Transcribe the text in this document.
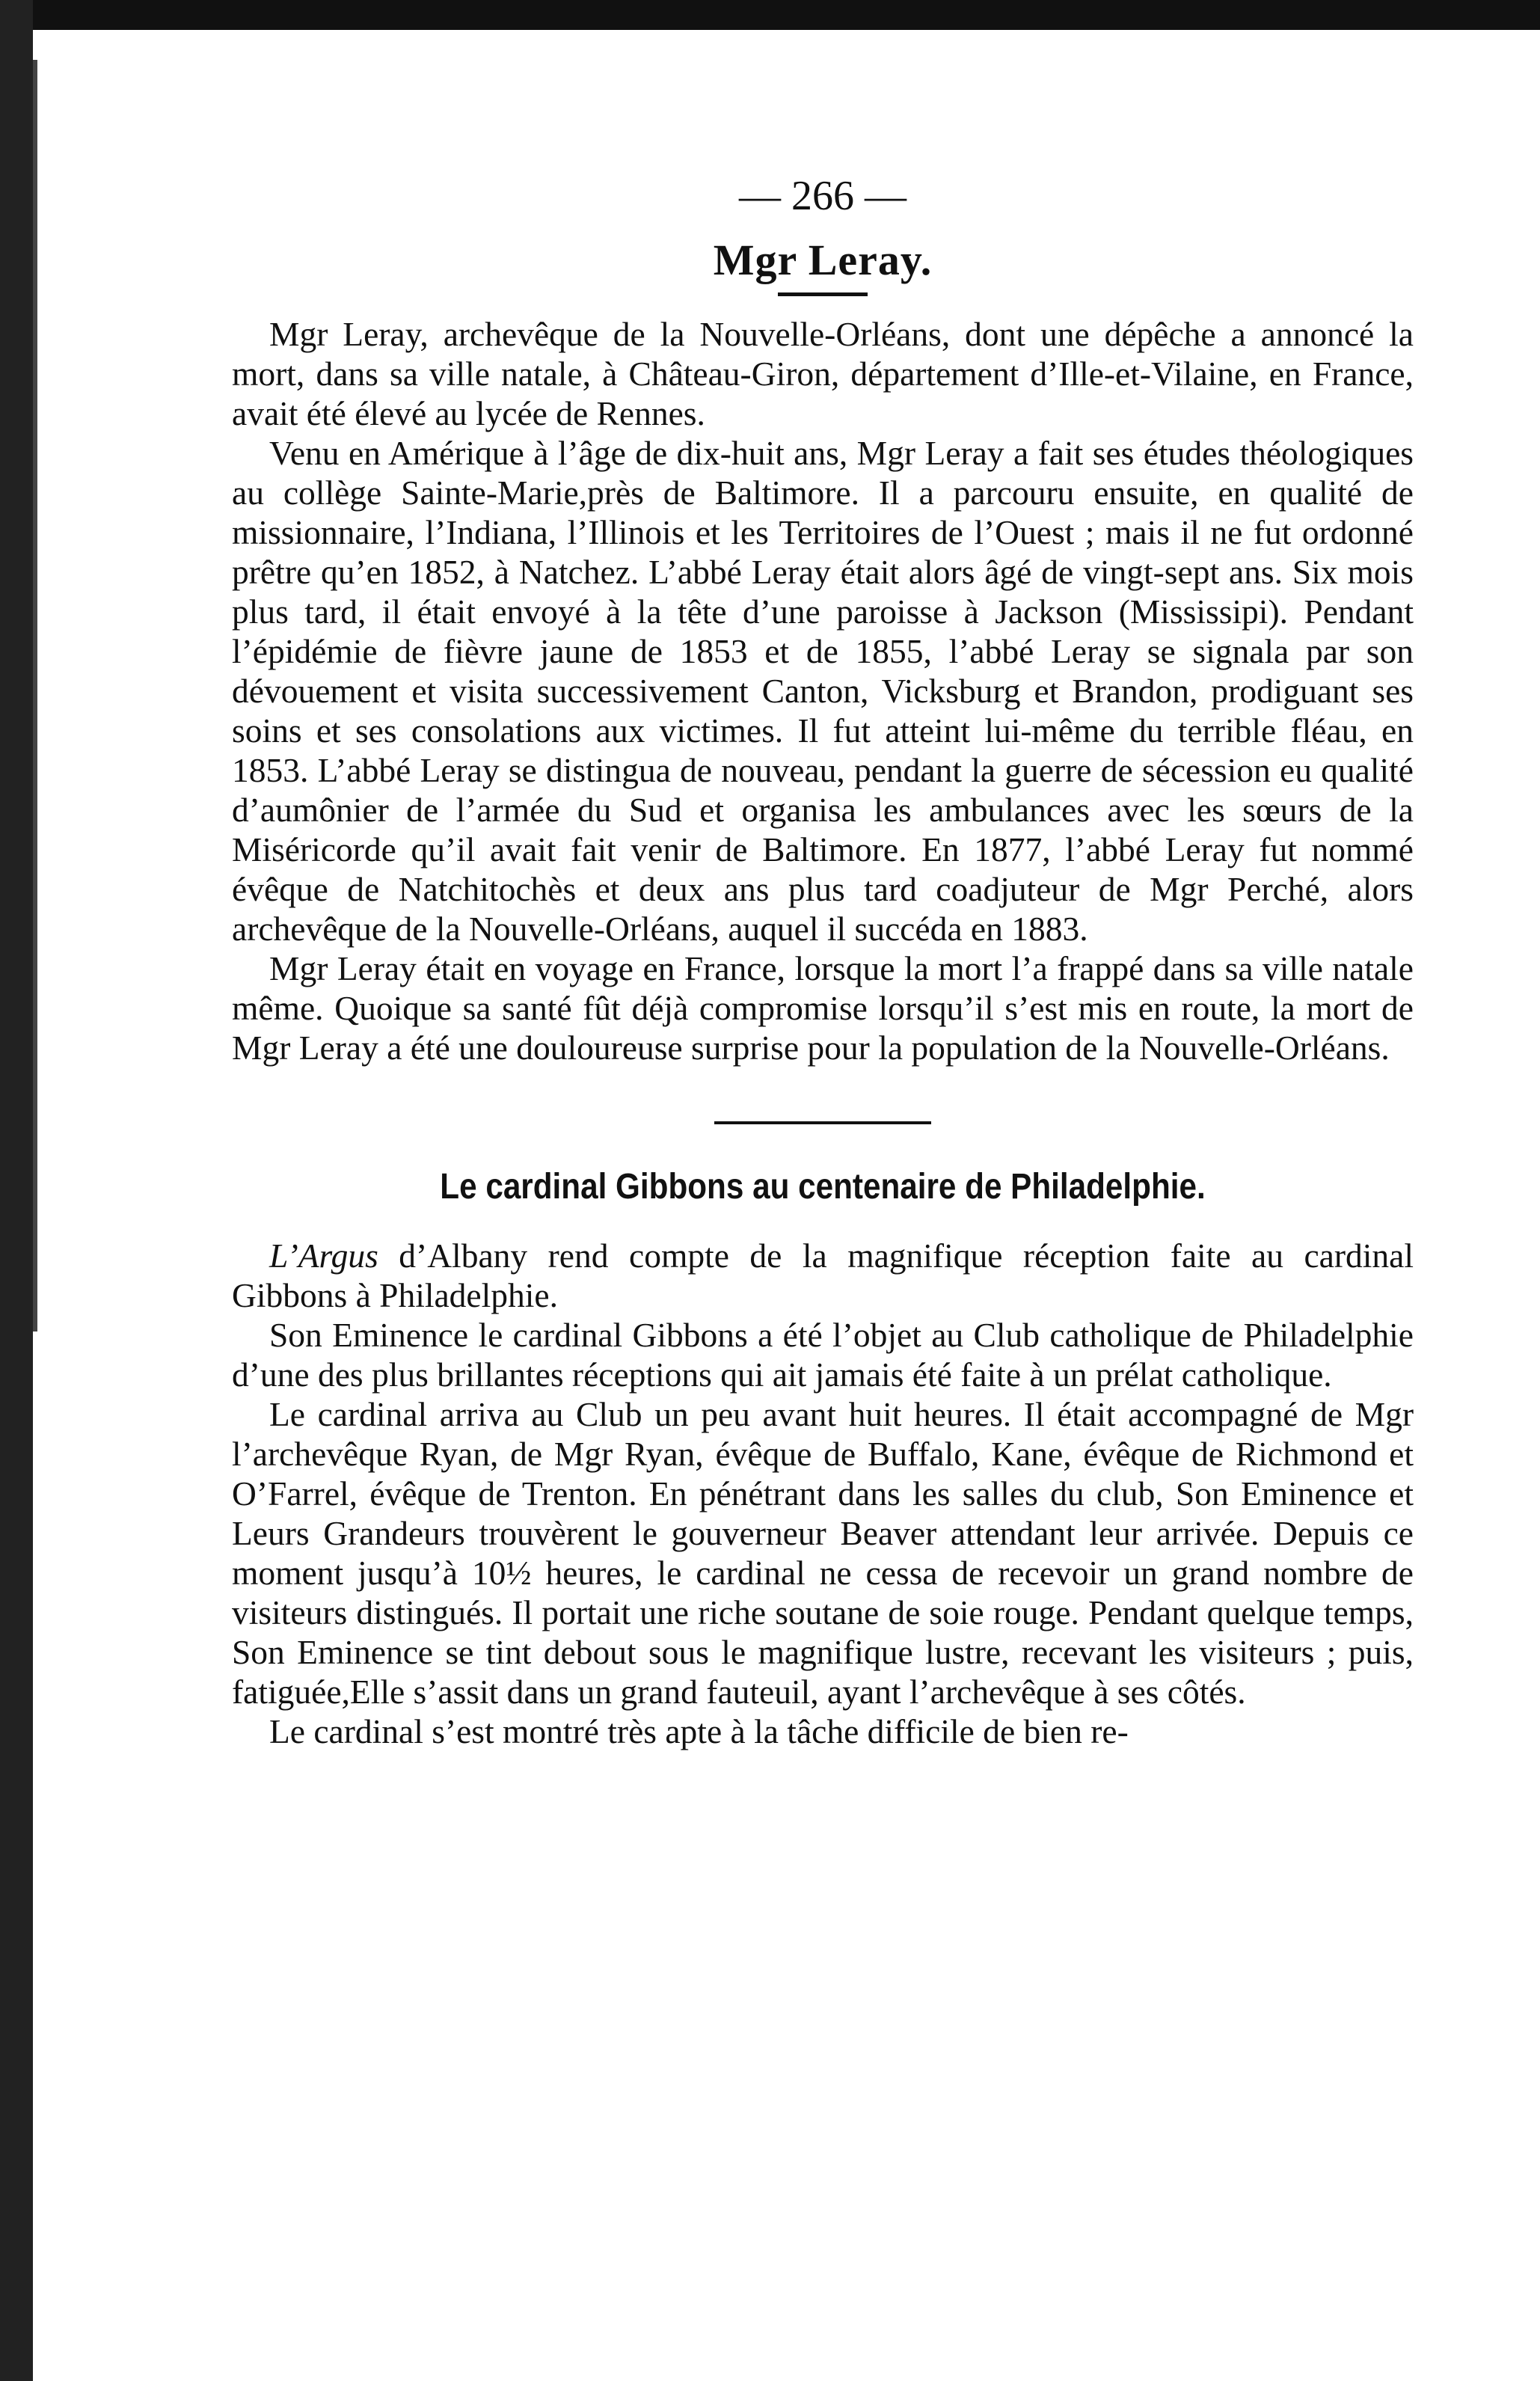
— 266 —
Mgr Leray.

Mgr Leray, archevêque de la Nouvelle-Orléans, dont une dépêche a annoncé la mort, dans sa ville natale, à Château-Giron, département d’Ille-et-Vilaine, en France, avait été élevé au lycée de Rennes.

Venu en Amérique à l’âge de dix-huit ans, Mgr Leray a fait ses études théologiques au collège Sainte-Marie,près de Baltimore. Il a parcouru ensuite, en qualité de missionnaire, l’Indiana, l’Illinois et les Territoires de l’Ouest ; mais il ne fut ordonné prêtre qu’en 1852, à Natchez. L’abbé Leray était alors âgé de vingt-sept ans. Six mois plus tard, il était envoyé à la tête d’une paroisse à Jackson (Mississipi). Pendant l’épidémie de fièvre jaune de 1853 et de 1855, l’abbé Leray se signala par son dévouement et visita successivement Canton, Vicksburg et Brandon, prodiguant ses soins et ses consolations aux victimes. Il fut atteint lui-même du terrible fléau, en 1853. L’abbé Leray se distingua de nouveau, pendant la guerre de sécession eu qualité d’aumônier de l’armée du Sud et organisa les ambulances avec les sœurs de la Miséricorde qu’il avait fait venir de Baltimore. En 1877, l’abbé Leray fut nommé évêque de Natchitochès et deux ans plus tard coadjuteur de Mgr Perché, alors archevêque de la Nouvelle-Orléans, auquel il succéda en 1883.

Mgr Leray était en voyage en France, lorsque la mort l’a frappé dans sa ville natale même. Quoique sa santé fût déjà compromise lorsqu’il s’est mis en route, la mort de Mgr Leray a été une douloureuse surprise pour la population de la Nouvelle-Orléans.

Le cardinal Gibbons au centenaire de Philadelphie.

L’Argus d’Albany rend compte de la magnifique réception faite au cardinal Gibbons à Philadelphie.

Son Eminence le cardinal Gibbons a été l’objet au Club catholique de Philadelphie d’une des plus brillantes réceptions qui ait jamais été faite à un prélat catholique.

Le cardinal arriva au Club un peu avant huit heures. Il était accompagné de Mgr l’archevêque Ryan, de Mgr Ryan, évêque de Buffalo, Kane, évêque de Richmond et O’Farrel, évêque de Trenton. En pénétrant dans les salles du club, Son Eminence et Leurs Grandeurs trouvèrent le gouverneur Beaver attendant leur arrivée. Depuis ce moment jusqu’à 10½ heures, le cardinal ne cessa de recevoir un grand nombre de visiteurs distingués. Il portait une riche soutane de soie rouge. Pendant quelque temps, Son Eminence se tint debout sous le magnifique lustre, recevant les visiteurs ; puis, fatiguée,Elle s’assit dans un grand fauteuil, ayant l’archevêque à ses côtés.

Le cardinal s’est montré très apte à la tâche difficile de bien re-
